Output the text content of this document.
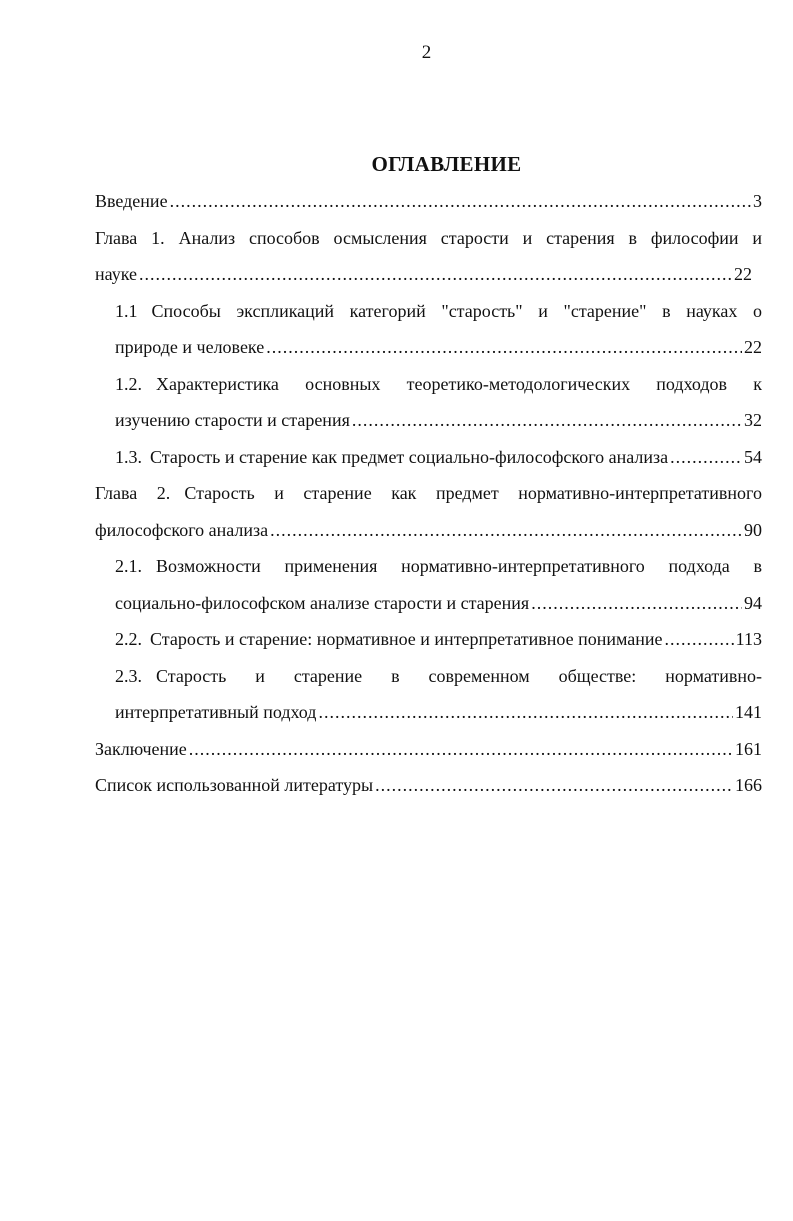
2
ОГЛАВЛЕНИЕ
Введение .....	3
Глава 1. Анализ способов осмысления старости и старения в философии и
науке .....	22
1.1 Способы экспликаций категорий "старость" и "старение" в науках о
природе и человеке .....	22
1.2. Характеристика основных теоретико-методологических подходов к
изучению старости и старения .....	32
1.3. Старость и старение как предмет социально-философского анализа .....	54
Глава 2. Старость и старение как предмет нормативно-интерпретативного
философского анализа .....	90
2.1. Возможности применения нормативно-интерпретативного подхода в
социально-философском анализе старости и старения .....	94
2.2. Старость и старение: нормативное и интерпретативное понимание .....	113
2.3. Старость и старение в современном обществе: нормативно-
интерпретативный подход .....	141
Заключение .....	161
Список использованной литературы .....	166
